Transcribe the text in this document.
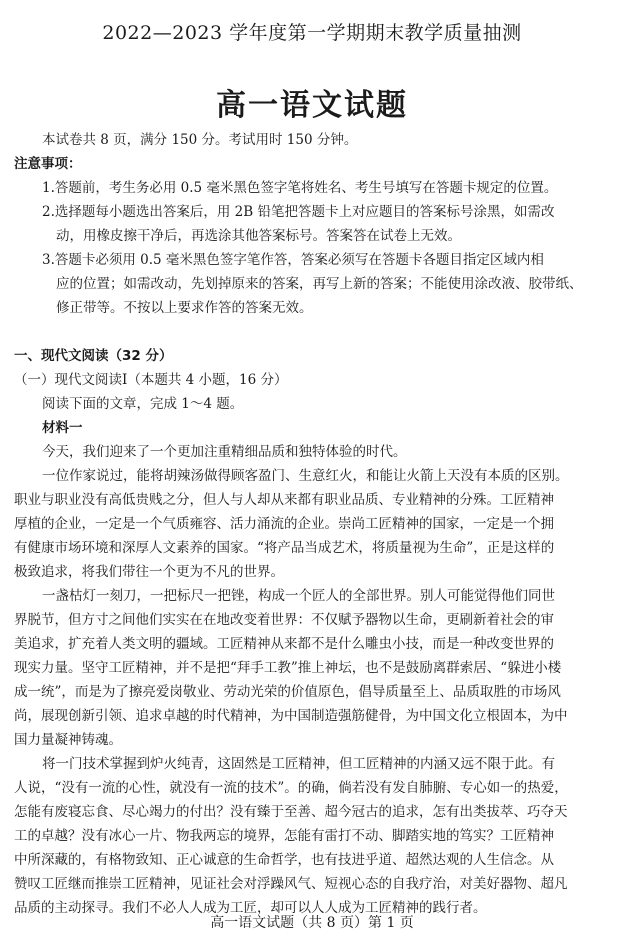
2022—2023 学年度第一学期期末教学质量抽测
高一语文试题

本试卷共 8 页，满分 150 分。考试用时 150 分钟。

注意事项：

1.答题前，考生务必用 0.5 毫米黑色签字笔将姓名、考生号填写在答题卡规定的位置。

2.选择题每小题选出答案后，用 2B 铅笔把答题卡上对应题目的答案标号涂黑，如需改

动，用橡皮擦干净后，再选涂其他答案标号。答案答在试卷上无效。

3.答题卡必须用 0.5 毫米黑色签字笔作答，答案必须写在答题卡各题目指定区域内相

应的位置；如需改动，先划掉原来的答案，再写上新的答案；不能使用涂改液、胶带纸、

修正带等。不按以上要求作答的答案无效。

一、现代文阅读（32 分）

（一）现代文阅读Ⅰ（本题共 4 小题，16 分）

阅读下面的文章，完成 1～4 题。

材料一

今天，我们迎来了一个更加注重精细品质和独特体验的时代。

一位作家说过，能将胡辣汤做得顾客盈门、生意红火，和能让火箭上天没有本质的区别。

职业与职业没有高低贵贱之分，但人与人却从来都有职业品质、专业精神的分殊。工匠精神

厚植的企业，一定是一个气质雍容、活力涌流的企业。崇尚工匠精神的国家，一定是一个拥

有健康市场环境和深厚人文素养的国家。“将产品当成艺术，将质量视为生命”，正是这样的

极致追求，将我们带往一个更为不凡的世界。

一盏枯灯一刻刀，一把标尺一把锉，构成一个匠人的全部世界。别人可能觉得他们同世

界脱节，但方寸之间他们实实在在地改变着世界：不仅赋予器物以生命，更刷新着社会的审

美追求，扩充着人类文明的疆域。工匠精神从来都不是什么雕虫小技，而是一种改变世界的

现实力量。坚守工匠精神，并不是把“拜手工教”推上神坛，也不是鼓励离群索居、“躲进小楼

成一统”，而是为了擦亮爱岗敬业、劳动光荣的价值原色，倡导质量至上、品质取胜的市场风

尚，展现创新引领、追求卓越的时代精神，为中国制造强筋健骨，为中国文化立根固本，为中

国力量凝神铸魂。

将一门技术掌握到炉火纯青，这固然是工匠精神，但工匠精神的内涵又远不限于此。有

人说，“没有一流的心性，就没有一流的技术”。的确，倘若没有发自肺腑、专心如一的热爱，

怎能有废寝忘食、尽心竭力的付出？没有臻于至善、超今冠古的追求，怎有出类拔萃、巧夺天

工的卓越？没有冰心一片、物我两忘的境界，怎能有雷打不动、脚踏实地的笃实？工匠精神

中所深藏的，有格物致知、正心诚意的生命哲学，也有技进乎道、超然达观的人生信念。从

赞叹工匠继而推崇工匠精神，见证社会对浮躁风气、短视心态的自我疗治，对美好器物、超凡

品质的主动探寻。我们不必人人成为工匠，却可以人人成为工匠精神的践行者。

高一语文试题（共 8 页）第 1 页
